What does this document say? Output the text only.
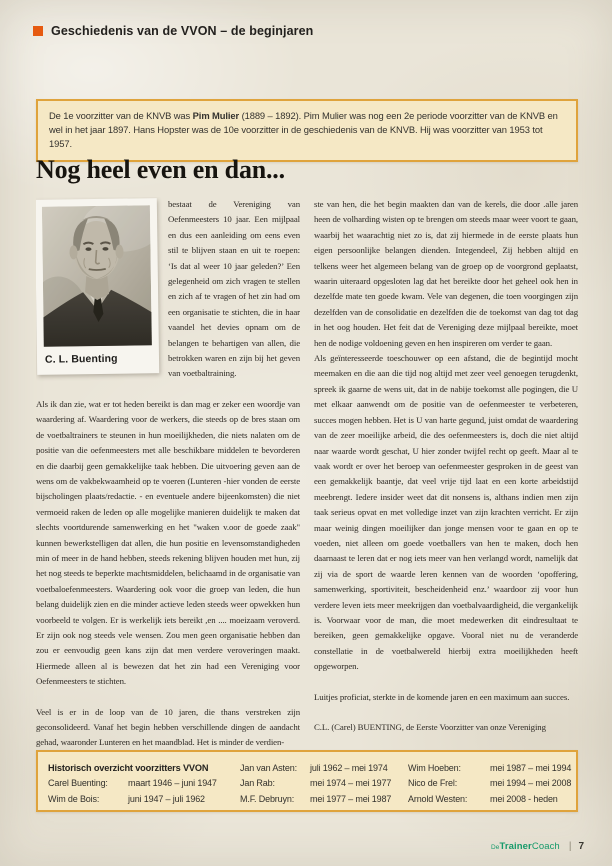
Geschiedenis van de VVON – de beginjaren
De 1e voorzitter van de KNVB was Pim Mulier (1889 – 1892). Pim Mulier was nog een 2e periode voorzitter van de KNVB en wel in het jaar 1897. Hans Hopster was de 10e voorzitter in de geschiedenis van de KNVB. Hij was voorzitter van 1953 tot 1957.
Nog heel even en dan...
C. L. Buenting

bestaat de Vereniging van Oefenmeesters 10 jaar. Een mijlpaal en dus een aanleiding om eens even stil te blijven staan en uit te roepen: ‘Is dat al weer 10 jaar geleden?’ Een gelegenheid om zich vragen te stellen en zich af te vragen of het zin had om een organisatie te stichten, die in haar vaandel het devies opnam om de belangen te behartigen van allen, die betrokken waren en zijn bij het geven van voetbaltraining.

Als ik dan zie, wat er tot heden bereikt is dan mag er zeker een woordje van waardering af. Waardering voor de werkers, die steeds op de bres staan om de voetbaltrainers te steunen in hun moeilijkheden, die niets nalaten om de positie van die oefenmeesters met alle beschikbare middelen te bevorderen en die daarbij geen gemakkelijke taak hebben. Die uitvoering geven aan de wens om de vakbekwaamheid op te voeren (Lunteren -hier vonden de eerste bijscholingen plaats/redactie. - en eventuele andere bijeenkomsten) die niet vermoeid raken de leden op alle mogelijke manieren duidelijk te maken dat slechts voortdurende samenwerking en het "waken v.oor de goede zaak" kunnen bewerkstelligen dat allen, die hun positie en levensomstandigheden min of meer in de hand hebben, steeds rekening blijven houden met hun, zij het nog steeds te beperkte machtsmiddelen, belichaamd in de organisatie van voetbaloefenmeesters. Waardering ook voor die groep van leden, die hun belang duidelijk zien en die minder actieve leden steeds weer opwekken hun voorbeeld te volgen. Er is werkelijk iets bereikt ,en .... moeizaam veroverd. Er zijn ook nog steeds vele wensen. Zou men geen organisatie hebben dan zou er eenvoudig geen kans zijn dat men verdere veroveringen maakt. Hiermede alleen al is bewezen dat het zin had een Vereniging voor Oefenmeesters te stichten.

Veel is er in de loop van de 10 jaren, die thans verstreken zijn geconsolideerd. Vanaf het begin hebben verschillende dingen de aandacht gehad, waaronder Lunteren en het maandblad. Het is minder de verdien-

ste van hen, die het begin maakten dan van de kerels, die door .alle jaren heen de volharding wisten op te brengen om steeds maar weer voort te gaan, waarbij het waarachtig niet zo is, dat zij hiermede in de eerste plaats hun eigen persoonlijke belangen dienden. Integendeel, Zij hebben altijd en telkens weer het algemeen belang van de groep op de voorgrond geplaatst, waarin uiteraard opgesloten lag dat het bereikte door het geheel ook hen in dezelfde mate ten goede kwam. Vele van degenen, die toen voorgingen zijn dezelfden van de consolidatie en dezelfden die de toekomst van dag tot dag in het oog houden. Het feit dat de Vereniging deze mijlpaal bereikte, moet hen de nodige voldoening geven en hen inspireren om verder te gaan.

Als geïnteresseerde toeschouwer op een afstand, die de begintijd mocht meemaken en die aan die tijd nog altijd met zeer veel genoegen terugdenkt, spreek ik gaarne de wens uit, dat in de nabije toekomst alle pogingen, die U met elkaar aanwendt om de positie van de oefenmeester te verbeteren, succes mogen hebben. Het is U van harte gegund, juist omdat de waardering van de zeer moeilijke arbeid, die des oefenmeesters is, doch die niet altijd naar waarde wordt geschat, U hier zonder twijfel recht op geeft. Maar al te vaak wordt er over het beroep van oefenmeester gesproken in de geest van een gemakkelijk baantje, dat veel vrije tijd laat en een korte arbeidstijd meebrengt. Iedere insider weet dat dit nonsens is, althans indien men zijn taak serieus opvat en met volledige inzet van zijn krachten verricht. Er zijn maar weinig dingen moeilijker dan jonge mensen voor te gaan en op te voeden, niet alleen om goede voetballers van hen te maken, doch hen daarnaast te leren dat er nog iets meer van hen verlangd wordt, namelijk dat zij via de sport de waarde leren kennen van de woorden ‘opoffering, samenwerking, sportiviteit, bescheidenheid enz.’ waardoor zij voor hun verdere leven iets meer meekrijgen dan voetbalvaardigheid, die vergankelijk is. Voorwaar voor de man, die moet medewerken dit eindresultaat te bereiken, geen gemakkelijke opgave. Vooral niet nu de veranderde constellatie in de voetbalwereld hierbij extra moeilijkheden heeft opgeworpen.

Luitjes proficiat, sterkte in de komende jaren en een maximum aan succes.

C.L. (Carel) BUENTING, de Eerste Voorzitter van onze Vereniging

Historisch overzicht voorzitters VVON	Jan van Asten:	juli 1962 – mei 1974	Wim Hoeben:	mei 1987 – mei 1994
Carel Buenting:	maart 1946 – juni 1947	Jan Rab:	mei 1974 – mei 1977	Nico de Frel:	mei 1994 – mei 2008
Wim de Bois:	juni 1947 – juli 1962	M.F. Debruyn:	mei 1977 – mei 1987	Arnold Westen:	mei 2008 - heden
DeTrainerCoach | 7
